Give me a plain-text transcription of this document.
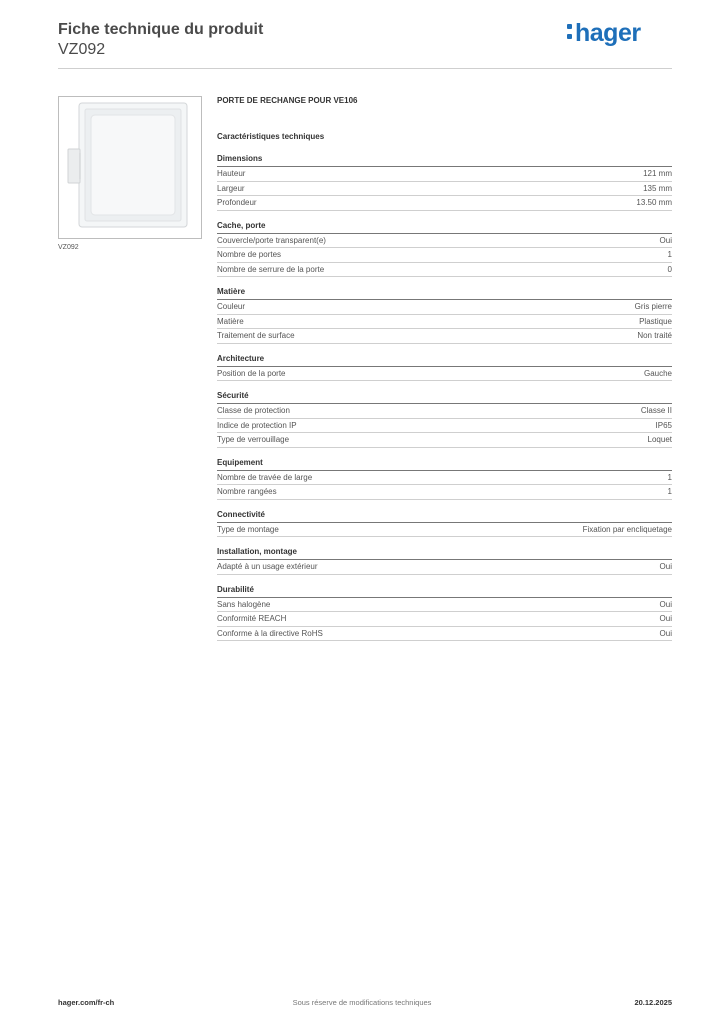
Fiche technique du produit
VZ092
hager
VZ092
PORTE DE RECHANGE POUR VE106
Caractéristiques techniques
Dimensions
Hauteur	121 mm
Largeur	135 mm
Profondeur	13.50 mm
Cache, porte
Couvercle/porte transparent(e)	Oui
Nombre de portes	1
Nombre de serrure de la porte	0
Matière
Couleur	Gris pierre
Matière	Plastique
Traitement de surface	Non traité
Architecture
Position de la porte	Gauche
Sécurité
Classe de protection	Classe II
Indice de protection IP	IP65
Type de verrouillage	Loquet
Equipement
Nombre de travée de large	1
Nombre rangées	1
Connectivité
Type de montage	Fixation par encliquetage
Installation, montage
Adapté à un usage extérieur	Oui
Durabilité
Sans halogène	Oui
Conformité REACH	Oui
Conforme à la directive RoHS	Oui
hager.com/fr-ch	Sous réserve de modifications techniques	20.12.2025
